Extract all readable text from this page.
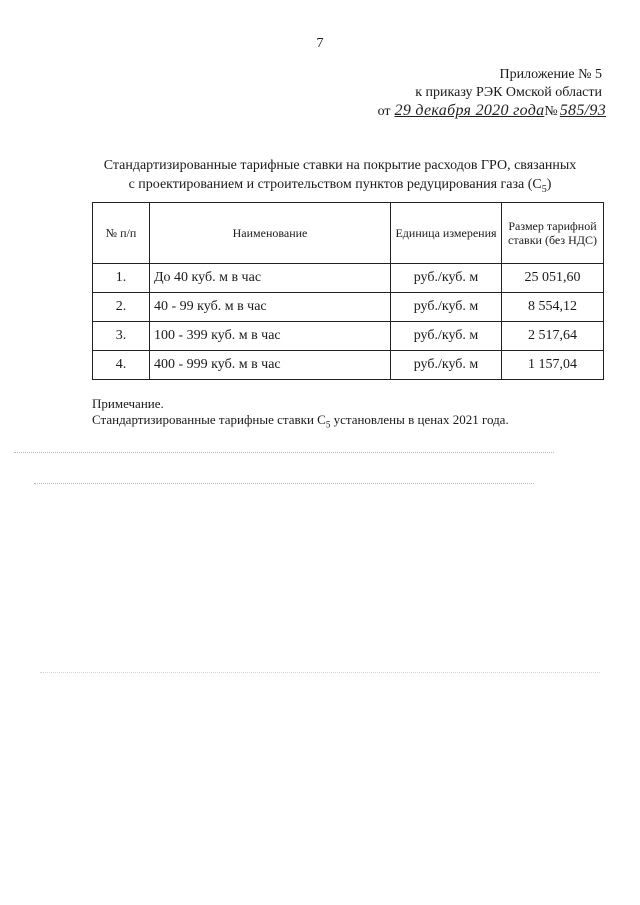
7
Приложение № 5
к приказу РЭК Омской области
от 29 декабря 2020 года № 585/93
Стандартизированные тарифные ставки на покрытие расходов ГРО, связанных
с проектированием и строительством пунктов редуцирования газа $(C_5)$
№ п/п	Наименование	Единица измерения	Размер тарифной ставки (без НДС)
1.	До 40 куб. м в час	руб./куб. м	25 051,60
2.	40 - 99 куб. м в час	руб./куб. м	8 554,12
3.	100 - 399 куб. м в час	руб./куб. м	2 517,64
4.	400 - 999 куб. м в час	руб./куб. м	1 157,04
Примечание.
Стандартизированные тарифные ставки $C_5$ установлены в ценах 2021 года.
